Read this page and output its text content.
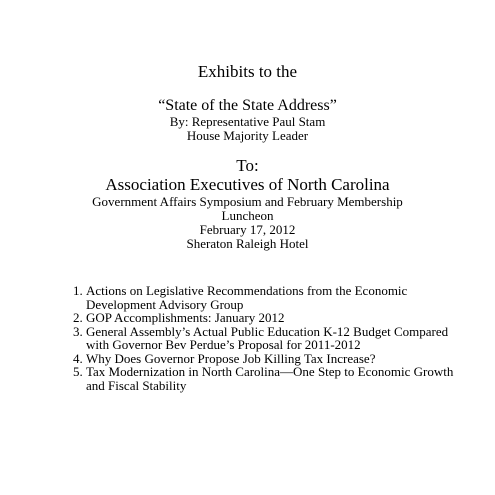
Exhibits to the
“State of the State Address”
By: Representative Paul Stam
House Majority Leader
To:
Association Executives of North Carolina
Government Affairs Symposium and February Membership
Luncheon
February 17, 2012
Sheraton Raleigh Hotel
1. Actions on Legislative Recommendations from the Economic Development Advisory Group
2. GOP Accomplishments: January 2012
3. General Assembly’s Actual Public Education K-12 Budget Compared with Governor Bev Perdue’s Proposal for 2011-2012
4. Why Does Governor Propose Job Killing Tax Increase?
5. Tax Modernization in North Carolina—One Step to Economic Growth and Fiscal Stability
